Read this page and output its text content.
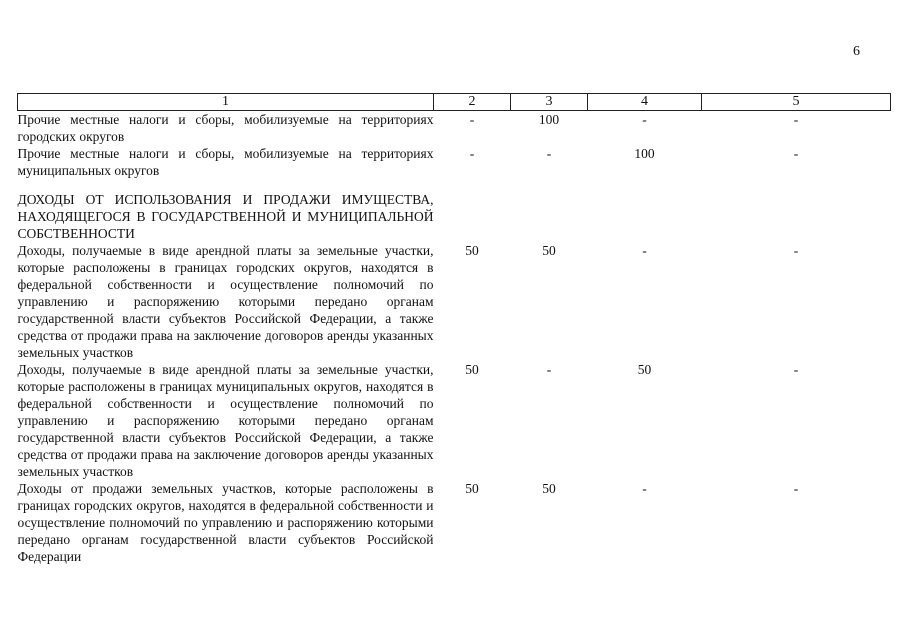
6
1	2	3	4	5
Прочие местные налоги и сборы, мобилизуемые на территориях городских округов	-	100	-	-
Прочие местные налоги и сборы, мобилизуемые на территориях муниципальных округов	-	-	100	-

ДОХОДЫ ОТ ИСПОЛЬЗОВАНИЯ И ПРОДАЖИ ИМУЩЕСТВА, НАХОДЯЩЕГОСЯ В ГОСУДАРСТВЕННОЙ И МУНИЦИПАЛЬНОЙ СОБСТВЕННОСТИ				
Доходы, получаемые в виде арендной платы за земельные участки, которые расположены в границах городских округов, находятся в федеральной собственности и осуществление полномочий по управлению и распоряжению которыми передано органам государственной власти субъектов Российской Федерации, а также средства от продажи права на заключение договоров аренды указанных земельных участков	50	50	-	-
Доходы, получаемые в виде арендной платы за земельные участки, которые расположены в границах муниципальных округов, находятся в федеральной собственности и осуществление полномочий по управлению и распоряжению которыми передано органам государственной власти субъектов Российской Федерации, а также средства от продажи права на заключение договоров аренды указанных земельных участков	50	-	50	-
Доходы от продажи земельных участков, которые расположены в границах городских округов, находятся в федеральной собственности и осуществление полномочий по управлению и распоряжению которыми передано органам государственной власти субъектов Российской Федерации	50	50	-	-
